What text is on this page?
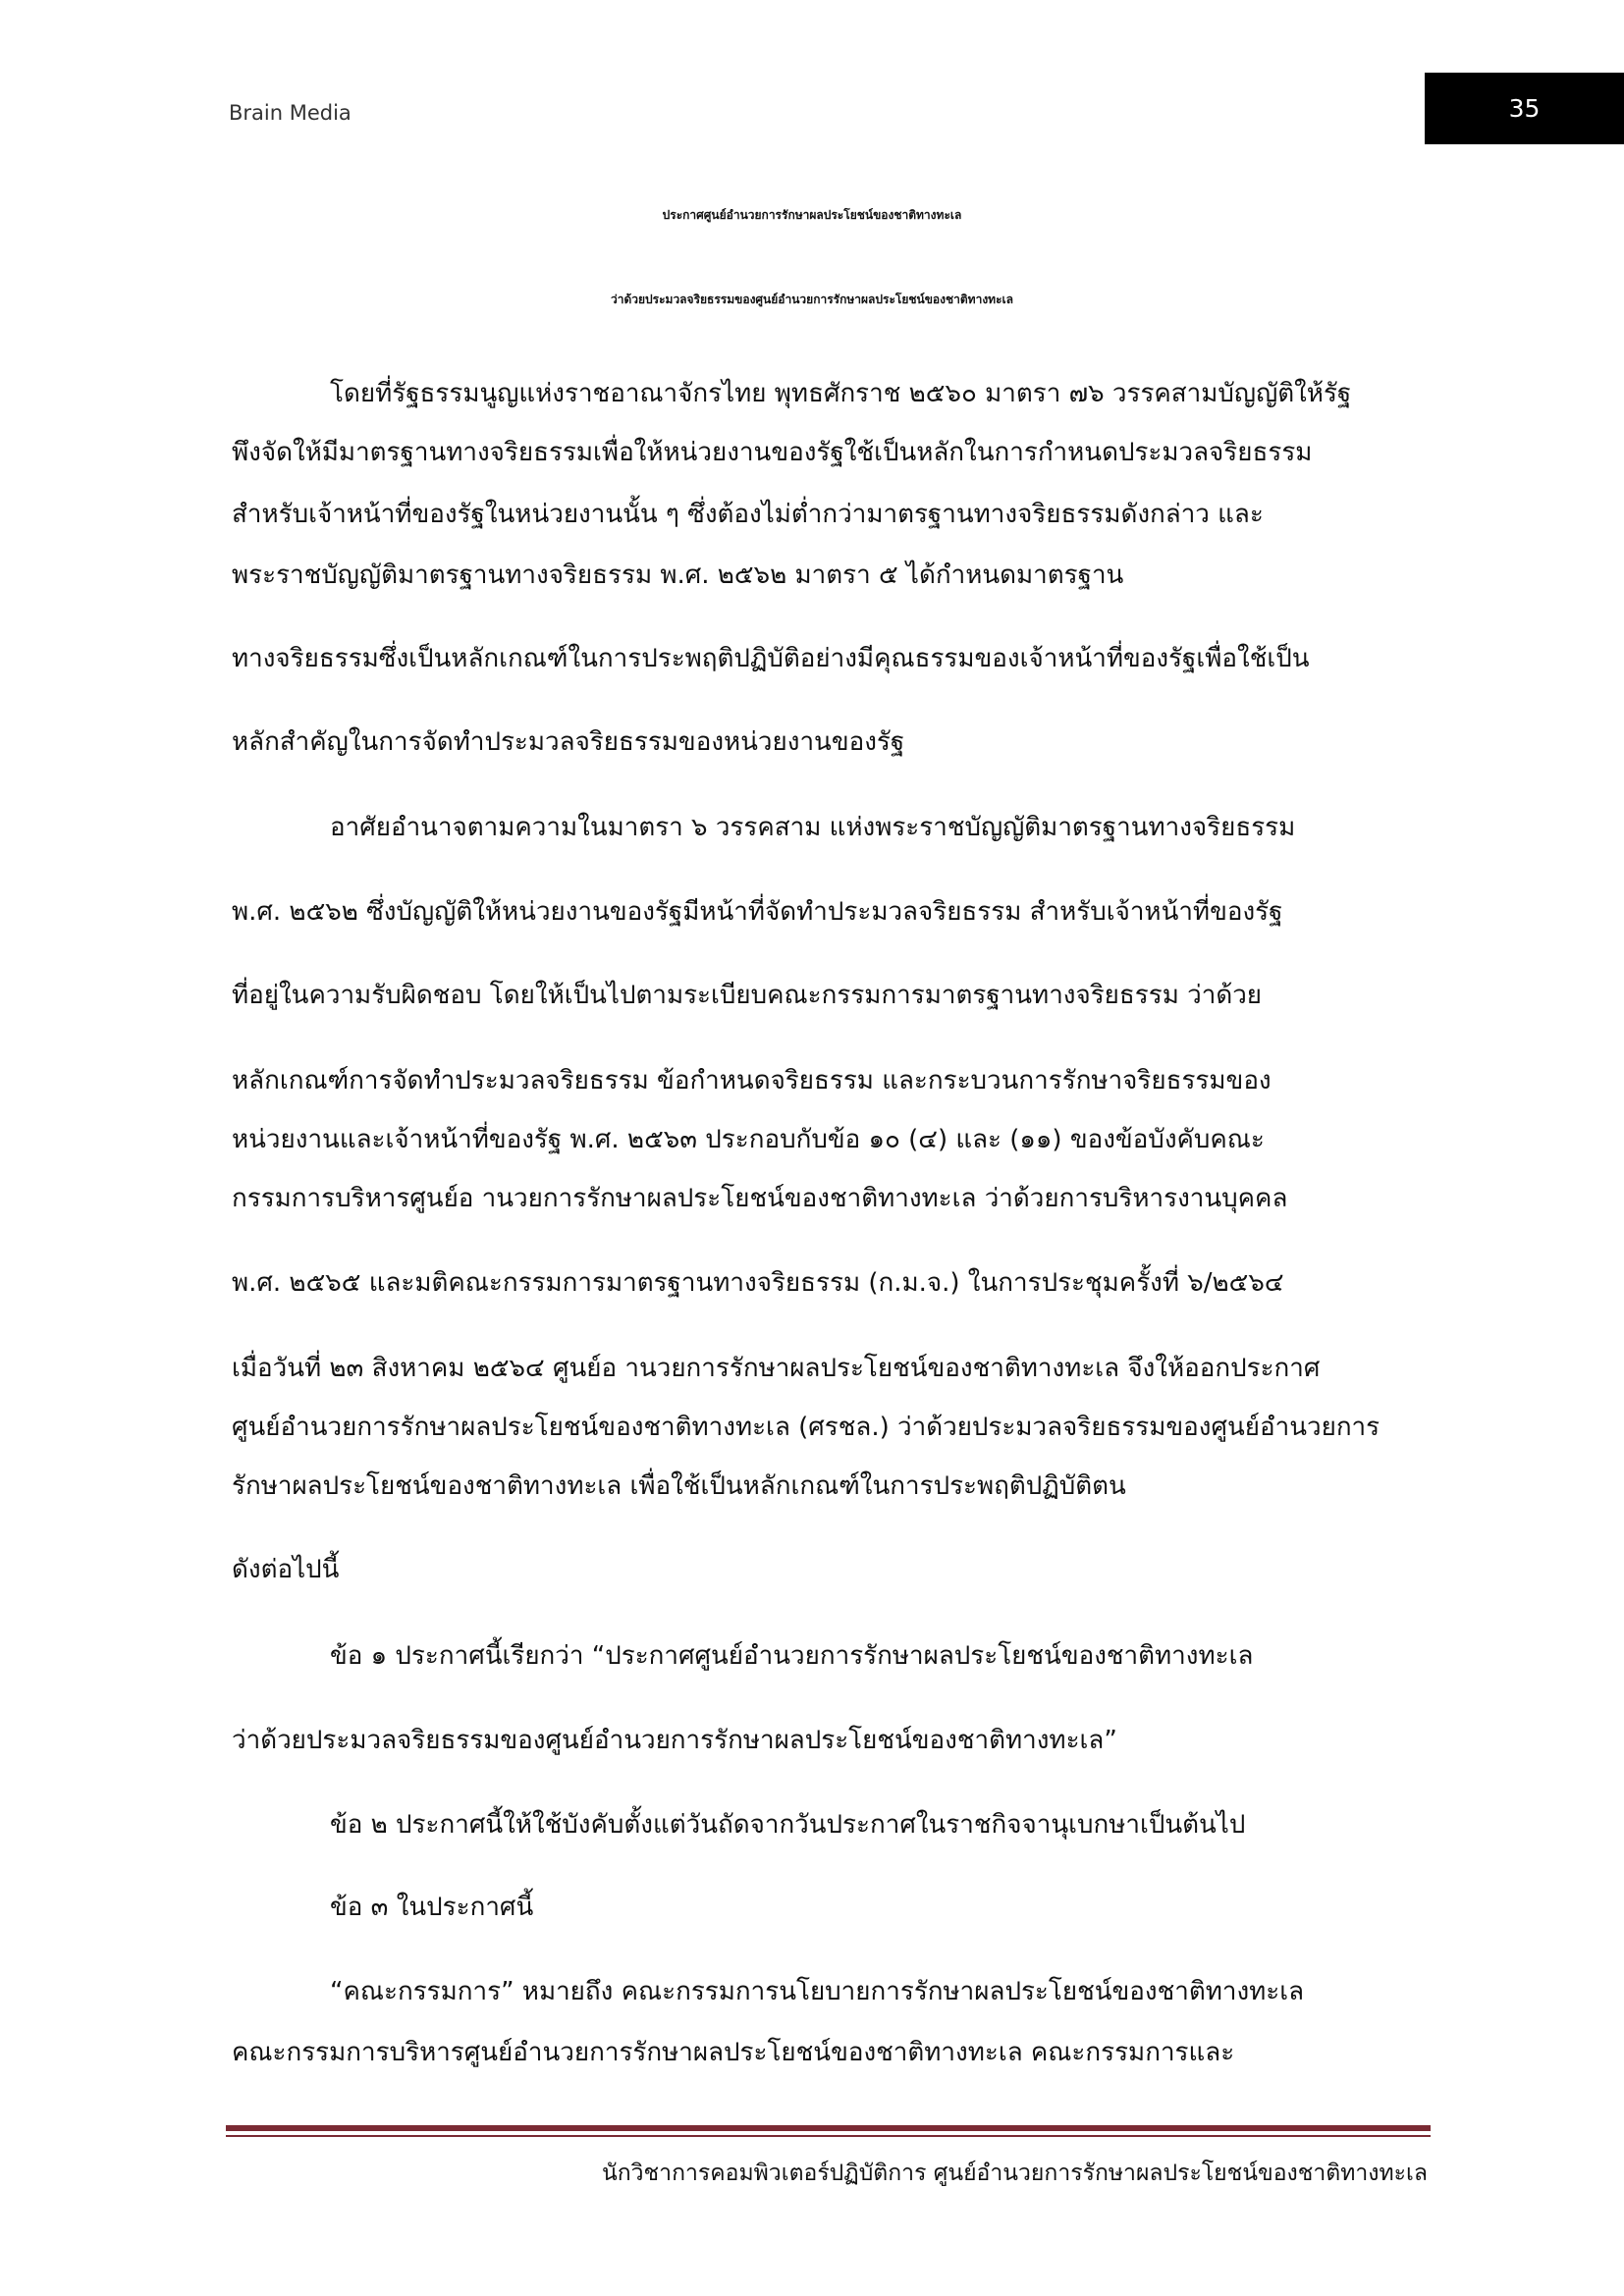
Brain Media	35
ประกาศศูนย์อำนวยการรักษาผลประโยชน์ของชาติทางทะเล
ว่าด้วยประมวลจริยธรรมของศูนย์อำนวยการรักษาผลประโยชน์ของชาติทางทะเล
โดยที่รัฐธรรมนูญแห่งราชอาณาจักรไทย พุทธศักราช ๒๕๖๐ มาตรา ๗๖ วรรคสามบัญญัติให้รัฐ
พึงจัดให้มีมาตรฐานทางจริยธรรมเพื่อให้หน่วยงานของรัฐใช้เป็นหลักในการกำหนดประมวลจริยธรรม
สำหรับเจ้าหน้าที่ของรัฐในหน่วยงานนั้น ๆ ซึ่งต้องไม่ต่ำกว่ามาตรฐานทางจริยธรรมดังกล่าว และ
พระราชบัญญัติมาตรฐานทางจริยธรรม พ.ศ. ๒๕๖๒ มาตรา ๕ ได้กำหนดมาตรฐาน
ทางจริยธรรมซึ่งเป็นหลักเกณฑ์ในการประพฤติปฏิบัติอย่างมีคุณธรรมของเจ้าหน้าที่ของรัฐเพื่อใช้เป็น
หลักสำคัญในการจัดทำประมวลจริยธรรมของหน่วยงานของรัฐ
อาศัยอำนาจตามความในมาตรา ๖ วรรคสาม แห่งพระราชบัญญัติมาตรฐานทางจริยธรรม
พ.ศ. ๒๕๖๒ ซึ่งบัญญัติให้หน่วยงานของรัฐมีหน้าที่จัดทำประมวลจริยธรรม สำหรับเจ้าหน้าที่ของรัฐ
ที่อยู่ในความรับผิดชอบ โดยให้เป็นไปตามระเบียบคณะกรรมการมาตรฐานทางจริยธรรม ว่าด้วย
หลักเกณฑ์การจัดทำประมวลจริยธรรม ข้อกำหนดจริยธรรม และกระบวนการรักษาจริยธรรมของ
หน่วยงานและเจ้าหน้าที่ของรัฐ พ.ศ. ๒๕๖๓ ประกอบกับข้อ ๑๐ (๔) และ (๑๑) ของข้อบังคับคณะ
กรรมการบริหารศูนย์อ านวยการรักษาผลประโยชน์ของชาติทางทะเล ว่าด้วยการบริหารงานบุคคล
พ.ศ. ๒๕๖๕ และมติคณะกรรมการมาตรฐานทางจริยธรรม (ก.ม.จ.) ในการประชุมครั้งที่ ๖/๒๕๖๔
เมื่อวันที่ ๒๓ สิงหาคม ๒๕๖๔ ศูนย์อ านวยการรักษาผลประโยชน์ของชาติทางทะเล จึงให้ออกประกาศ
ศูนย์อำนวยการรักษาผลประโยชน์ของชาติทางทะเล (ศรชล.) ว่าด้วยประมวลจริยธรรมของศูนย์อำนวยการ
รักษาผลประโยชน์ของชาติทางทะเล เพื่อใช้เป็นหลักเกณฑ์ในการประพฤติปฏิบัติตน
ดังต่อไปนี้
ข้อ ๑ ประกาศนี้เรียกว่า “ประกาศศูนย์อำนวยการรักษาผลประโยชน์ของชาติทางทะเล
ว่าด้วยประมวลจริยธรรมของศูนย์อำนวยการรักษาผลประโยชน์ของชาติทางทะเล”
ข้อ ๒ ประกาศนี้ให้ใช้บังคับตั้งแต่วันถัดจากวันประกาศในราชกิจจานุเบกษาเป็นต้นไป
ข้อ ๓ ในประกาศนี้
“คณะกรรมการ” หมายถึง คณะกรรมการนโยบายการรักษาผลประโยชน์ของชาติทางทะเล
คณะกรรมการบริหารศูนย์อำนวยการรักษาผลประโยชน์ของชาติทางทะเล คณะกรรมการและ
นักวิชาการคอมพิวเตอร์ปฏิบัติการ ศูนย์อำนวยการรักษาผลประโยชน์ของชาติทางทะเล
